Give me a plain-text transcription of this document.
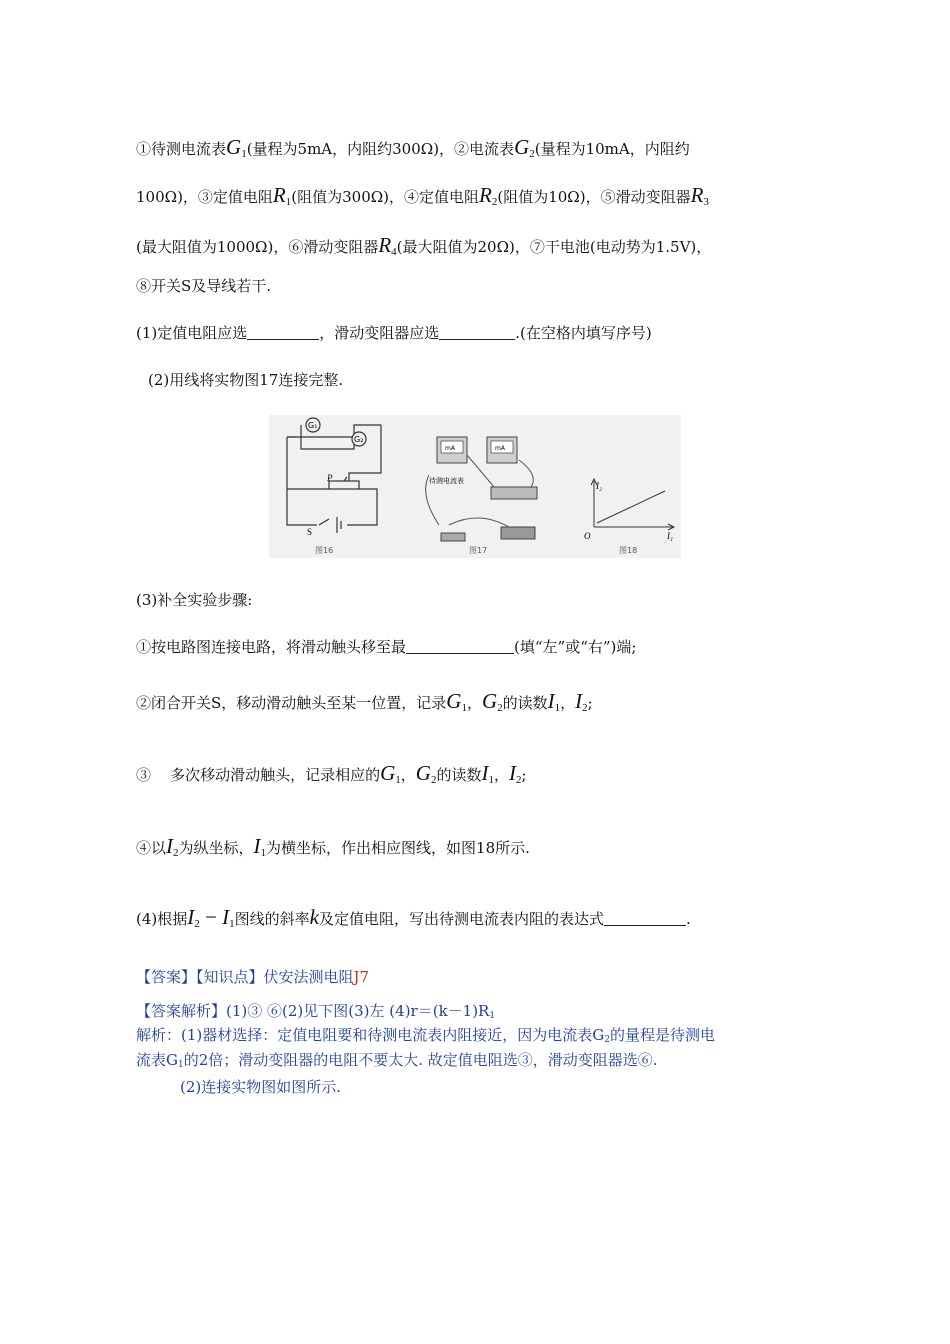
①待测电流表$G_1$(量程为5mA，内阻约300Ω)，②电流表$G_2$(量程为10mA，内阻约
100Ω)，③定值电阻$R_1$(阻值为300Ω)，④定值电阻$R_2$(阻值为10Ω)，⑤滑动变阻器$R_3$
(最大阻值为1000Ω)，⑥滑动变阻器$R_4$(最大阻值为20Ω)，⑦干电池(电动势为1.5V)，
⑧开关S及导线若干.
(1)定值电阻应选	，滑动变阻器应选	.(在空格内填写序号)
(2)用线将实物图17连接完整.
G₁
G₂
P
S
图16
mA	mA
待测电流表
图17
I₂
I₁
O
图18
(3)补全实验步骤:
①按电路图连接电路，将滑动触头移至最	(填“左”或“右”)端;
②闭合开关S，移动滑动触头至某一位置，记录$G_1$，$G_2$的读数$I_1$，$I_2$;
③    多次移动滑动触头，记录相应的$G_1$，$G_2$的读数$I_1$，$I_2$;
④以$I_2$为纵坐标，$I_1$为横坐标，作出相应图线，如图18所示.
(4)根据$I_2 - I_1$图线的斜率k及定值电阻，写出待测电流表内阻的表达式	.
【答案】【知识点】伏安法测电阻J7
【答案解析】(1)③ ⑥(2)见下图(3)左 (4)r＝(k－1)R1
解析：(1)器材选择：定值电阻要和待测电流表内阻接近，因为电流表G2的量程是待测电
流表G1的2倍；滑动变阻器的电阻不要太大. 故定值电阻选③，滑动变阻器选⑥.
(2)连接实物图如图所示.
